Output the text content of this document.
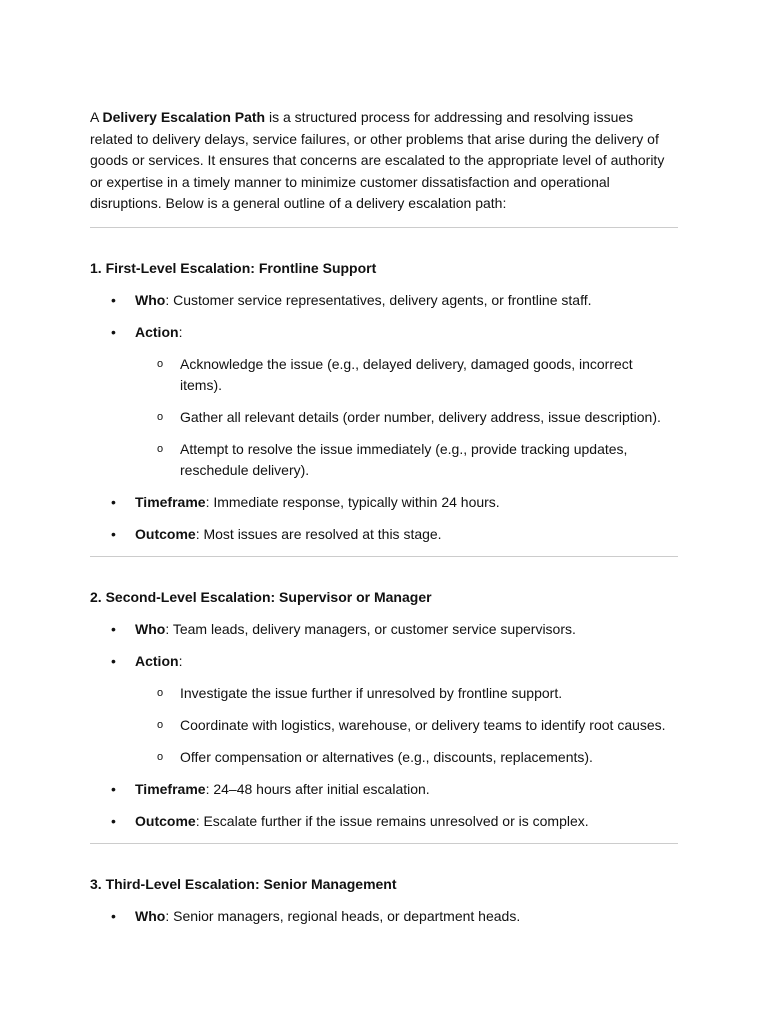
A Delivery Escalation Path is a structured process for addressing and resolving issues related to delivery delays, service failures, or other problems that arise during the delivery of goods or services. It ensures that concerns are escalated to the appropriate level of authority or expertise in a timely manner to minimize customer dissatisfaction and operational disruptions. Below is a general outline of a delivery escalation path:

1. First-Level Escalation: Frontline Support
• Who: Customer service representatives, delivery agents, or frontline staff.
• Action:
o Acknowledge the issue (e.g., delayed delivery, damaged goods, incorrect items).
o Gather all relevant details (order number, delivery address, issue description).
o Attempt to resolve the issue immediately (e.g., provide tracking updates, reschedule delivery).
• Timeframe: Immediate response, typically within 24 hours.
• Outcome: Most issues are resolved at this stage.
2. Second-Level Escalation: Supervisor or Manager
• Who: Team leads, delivery managers, or customer service supervisors.
• Action:
o Investigate the issue further if unresolved by frontline support.
o Coordinate with logistics, warehouse, or delivery teams to identify root causes.
o Offer compensation or alternatives (e.g., discounts, replacements).
• Timeframe: 24–48 hours after initial escalation.
• Outcome: Escalate further if the issue remains unresolved or is complex.
3. Third-Level Escalation: Senior Management
• Who: Senior managers, regional heads, or department heads.
